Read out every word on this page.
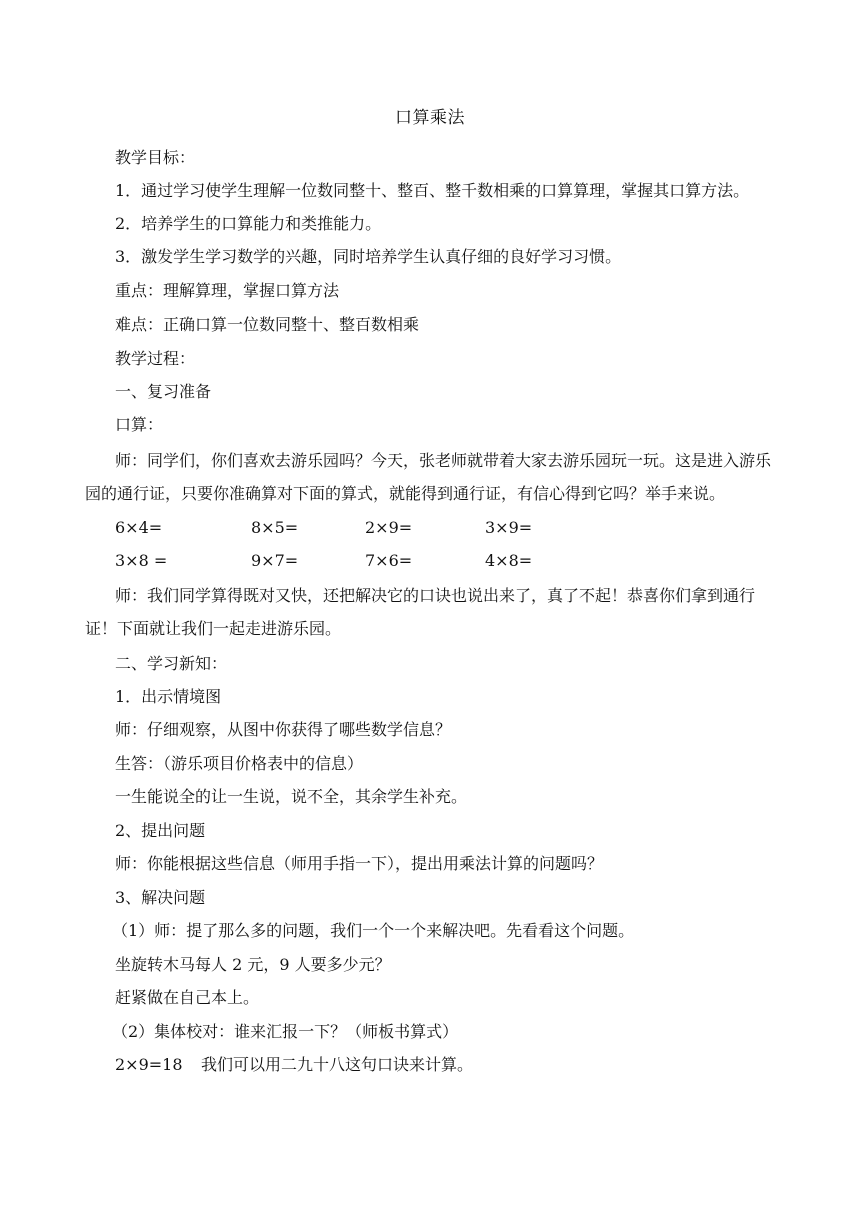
口算乘法
教学目标：
1．通过学习使学生理解一位数同整十、整百、整千数相乘的口算算理，掌握其口算方法。
2．培养学生的口算能力和类推能力。
3．激发学生学习数学的兴趣，同时培养学生认真仔细的良好学习习惯。
重点：理解算理，掌握口算方法
难点：正确口算一位数同整十、整百数相乘
教学过程：
一、复习准备
口算：
师：同学们，你们喜欢去游乐园吗？今天，张老师就带着大家去游乐园玩一玩。这是进入游乐园的通行证，只要你准确算对下面的算式，就能得到通行证，有信心得到它吗？举手来说。
6×4=	8×5=	2×9=	3×9=
3×8 =	9×7=	7×6=	4×8=
师：我们同学算得既对又快，还把解决它的口诀也说出来了，真了不起！恭喜你们拿到通行证！下面就让我们一起走进游乐园。
二、学习新知：
1．出示情境图
师：仔细观察，从图中你获得了哪些数学信息？
生答：（游乐项目价格表中的信息）
一生能说全的让一生说，说不全，其余学生补充。
2、提出问题
师：你能根据这些信息（师用手指一下），提出用乘法计算的问题吗？
3、解决问题
（1）师：提了那么多的问题，我们一个一个来解决吧。先看看这个问题。
坐旋转木马每人 2 元，9 人要多少元？
赶紧做在自己本上。
（2）集体校对：谁来汇报一下？（师板书算式）
2×9=18 我们可以用二九十八这句口诀来计算。
